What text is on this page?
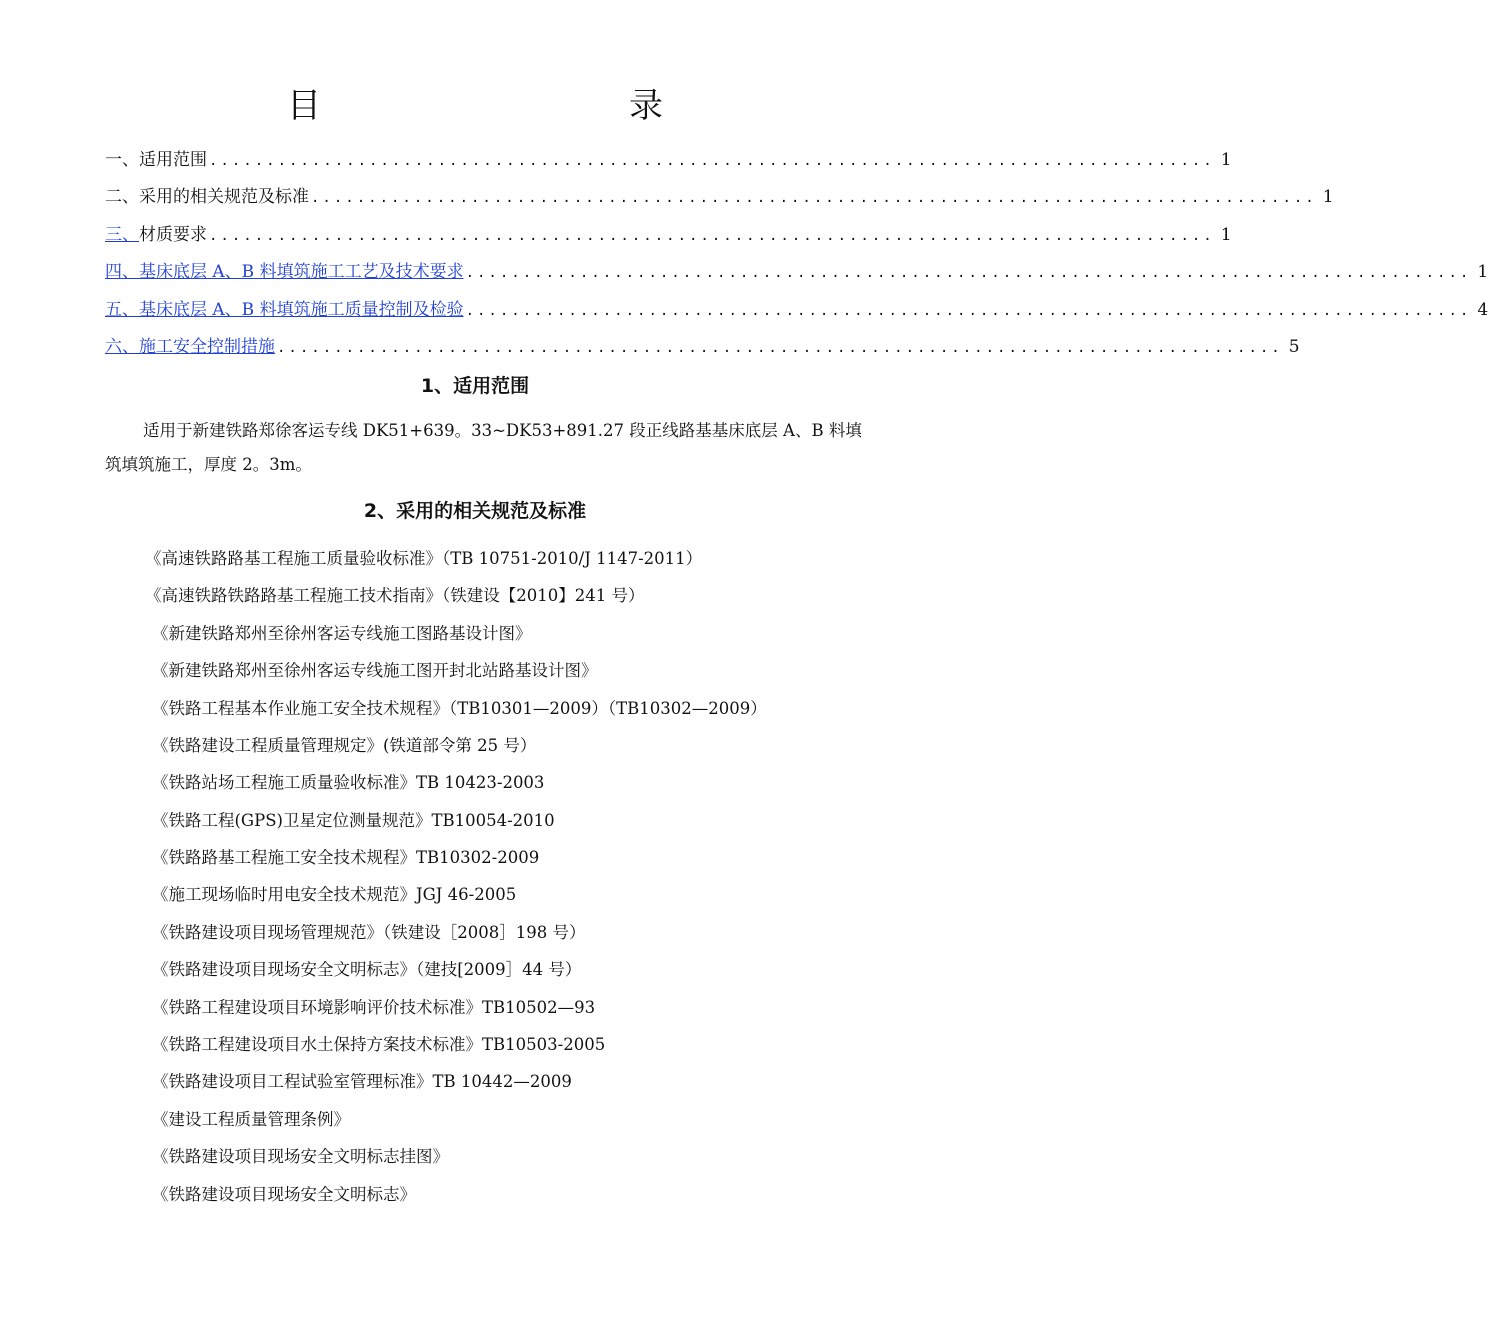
目　　录
一、适用范围 ........................................................................................ 1
二、采用的相关规范及标准 ........................................................................................ 1
三、材质要求 ........................................................................................ 1
四、基床底层 A、B 料填筑施工工艺及技术要求 ........................................................................................ 1
五、基床底层 A、B 料填筑施工质量控制及检验 ........................................................................................ 4
六、施工安全控制措施 ........................................................................................ 5
1、适用范围
适用于新建铁路郑徐客运专线 DK51+639。33~DK53+891.27 段正线路基基床底层 A、B 料填筑填筑施工，厚度 2。3m。
2、采用的相关规范及标准
《高速铁路路基工程施工质量验收标准》（TB 10751-2010/J 1147-2011）
《高速铁路铁路路基工程施工技术指南》（铁建设【2010】241 号）
《新建铁路郑州至徐州客运专线施工图路基设计图》
《新建铁路郑州至徐州客运专线施工图开封北站路基设计图》
《铁路工程基本作业施工安全技术规程》（TB10301—2009）（TB10302—2009）
《铁路建设工程质量管理规定》(铁道部令第 25 号）
《铁路站场工程施工质量验收标准》TB 10423-2003
《铁路工程(GPS)卫星定位测量规范》TB10054-2010
《铁路路基工程施工安全技术规程》TB10302-2009
《施工现场临时用电安全技术规范》JGJ 46-2005
《铁路建设项目现场管理规范》（铁建设［2008］198 号）
《铁路建设项目现场安全文明标志》（建技[2009］44 号）
《铁路工程建设项目环境影响评价技术标准》TB10502—93
《铁路工程建设项目水土保持方案技术标准》TB10503-2005
《铁路建设项目工程试验室管理标准》TB 10442—2009
《建设工程质量管理条例》
《铁路建设项目现场安全文明标志挂图》
《铁路建设项目现场安全文明标志》
